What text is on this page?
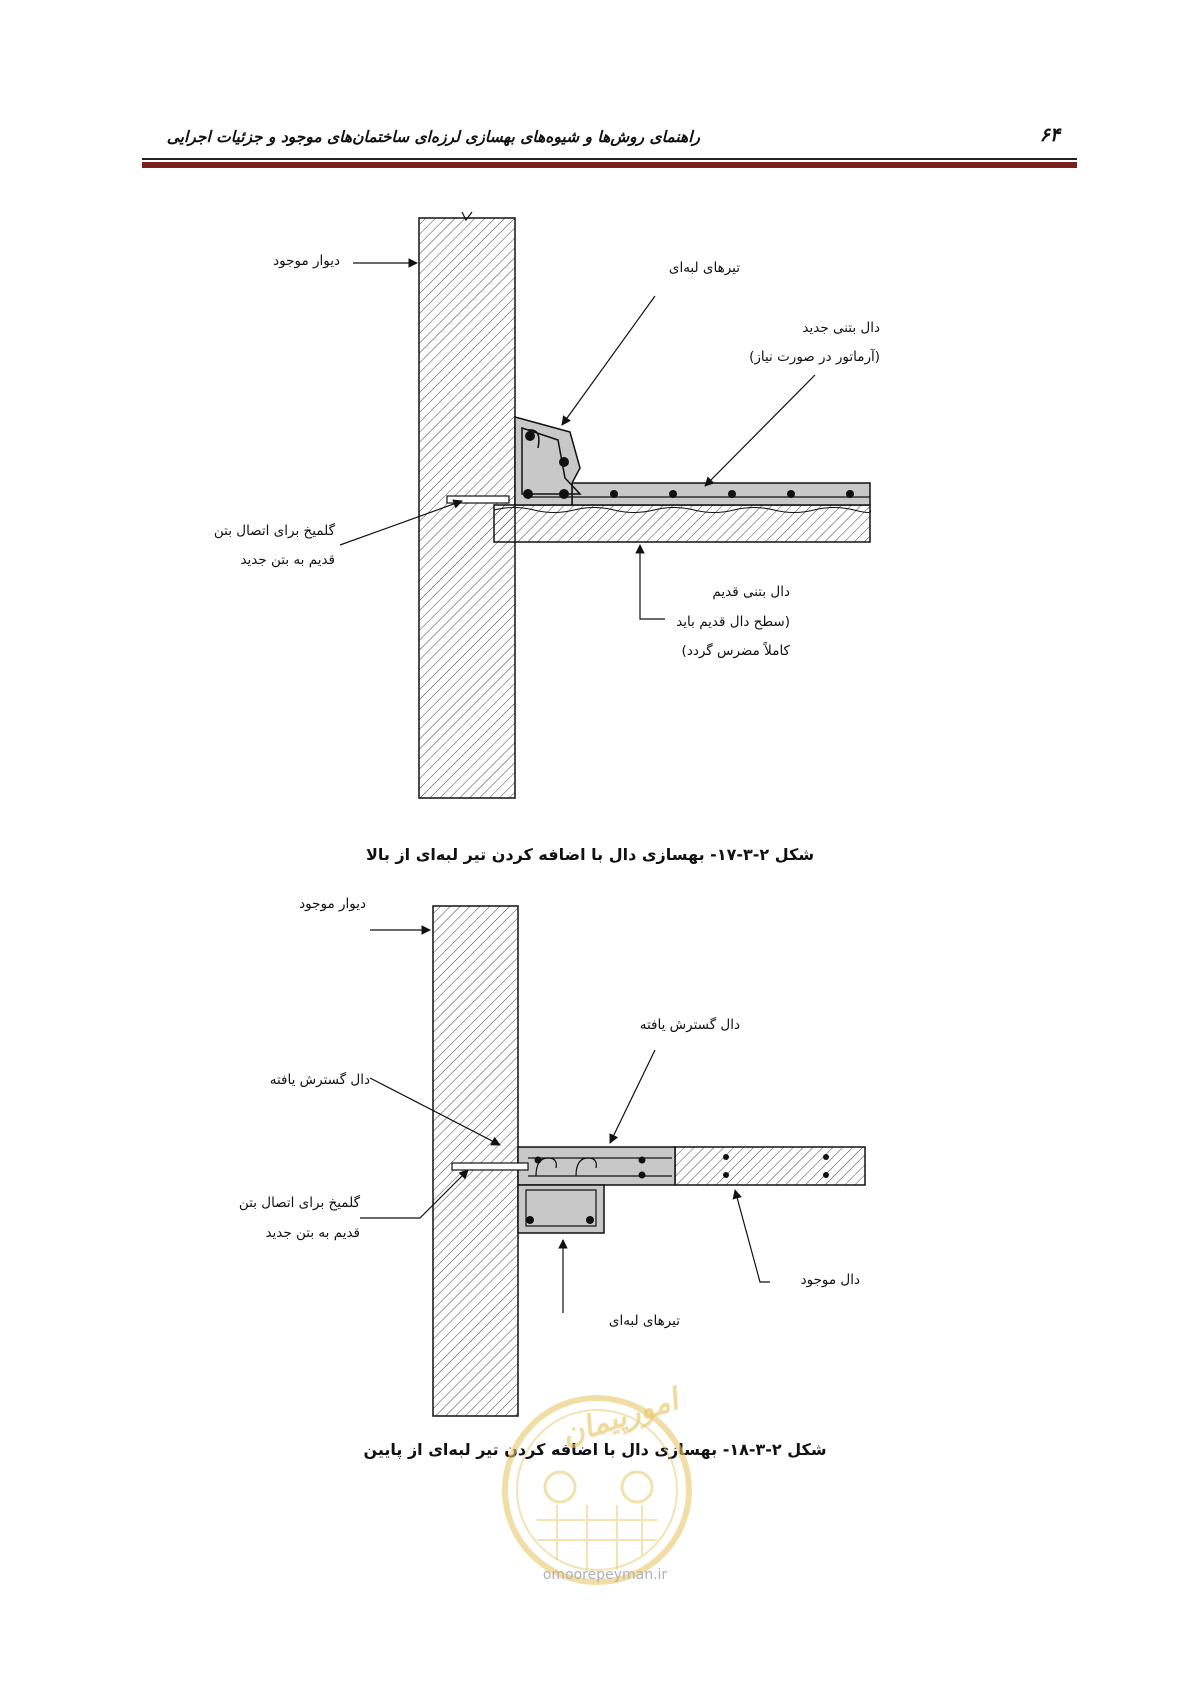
راهنمای روش‌ها و شیوه‌های بهسازی لرزه‌ای ساختمان‌های موجود و جزئیات اجرایی	۶۴
دیوار موجود	تیرهای لبه‌ای
دال بتنی جدید
(آرماتور در صورت نیاز)
گلمیخ برای اتصال بتن
قدیم به بتن جدید
دال بتنی قدیم
(سطح دال قدیم باید
کاملاً مضرس گردد)
شکل ۲-۳-۱۷- بهسازی دال با اضافه کردن تیر لبه‌ای از بالا
دیوار موجود
دال گسترش یافته
دال گسترش یافته
گلمیخ برای اتصال بتن
قدیم به بتن جدید
دال موجود
تیرهای لبه‌ای
شکل ۲-۳-۱۸- بهسازی دال با اضافه کردن تیر لبه‌ای از پایین
امورپیمان
omoorepeyman.ir
